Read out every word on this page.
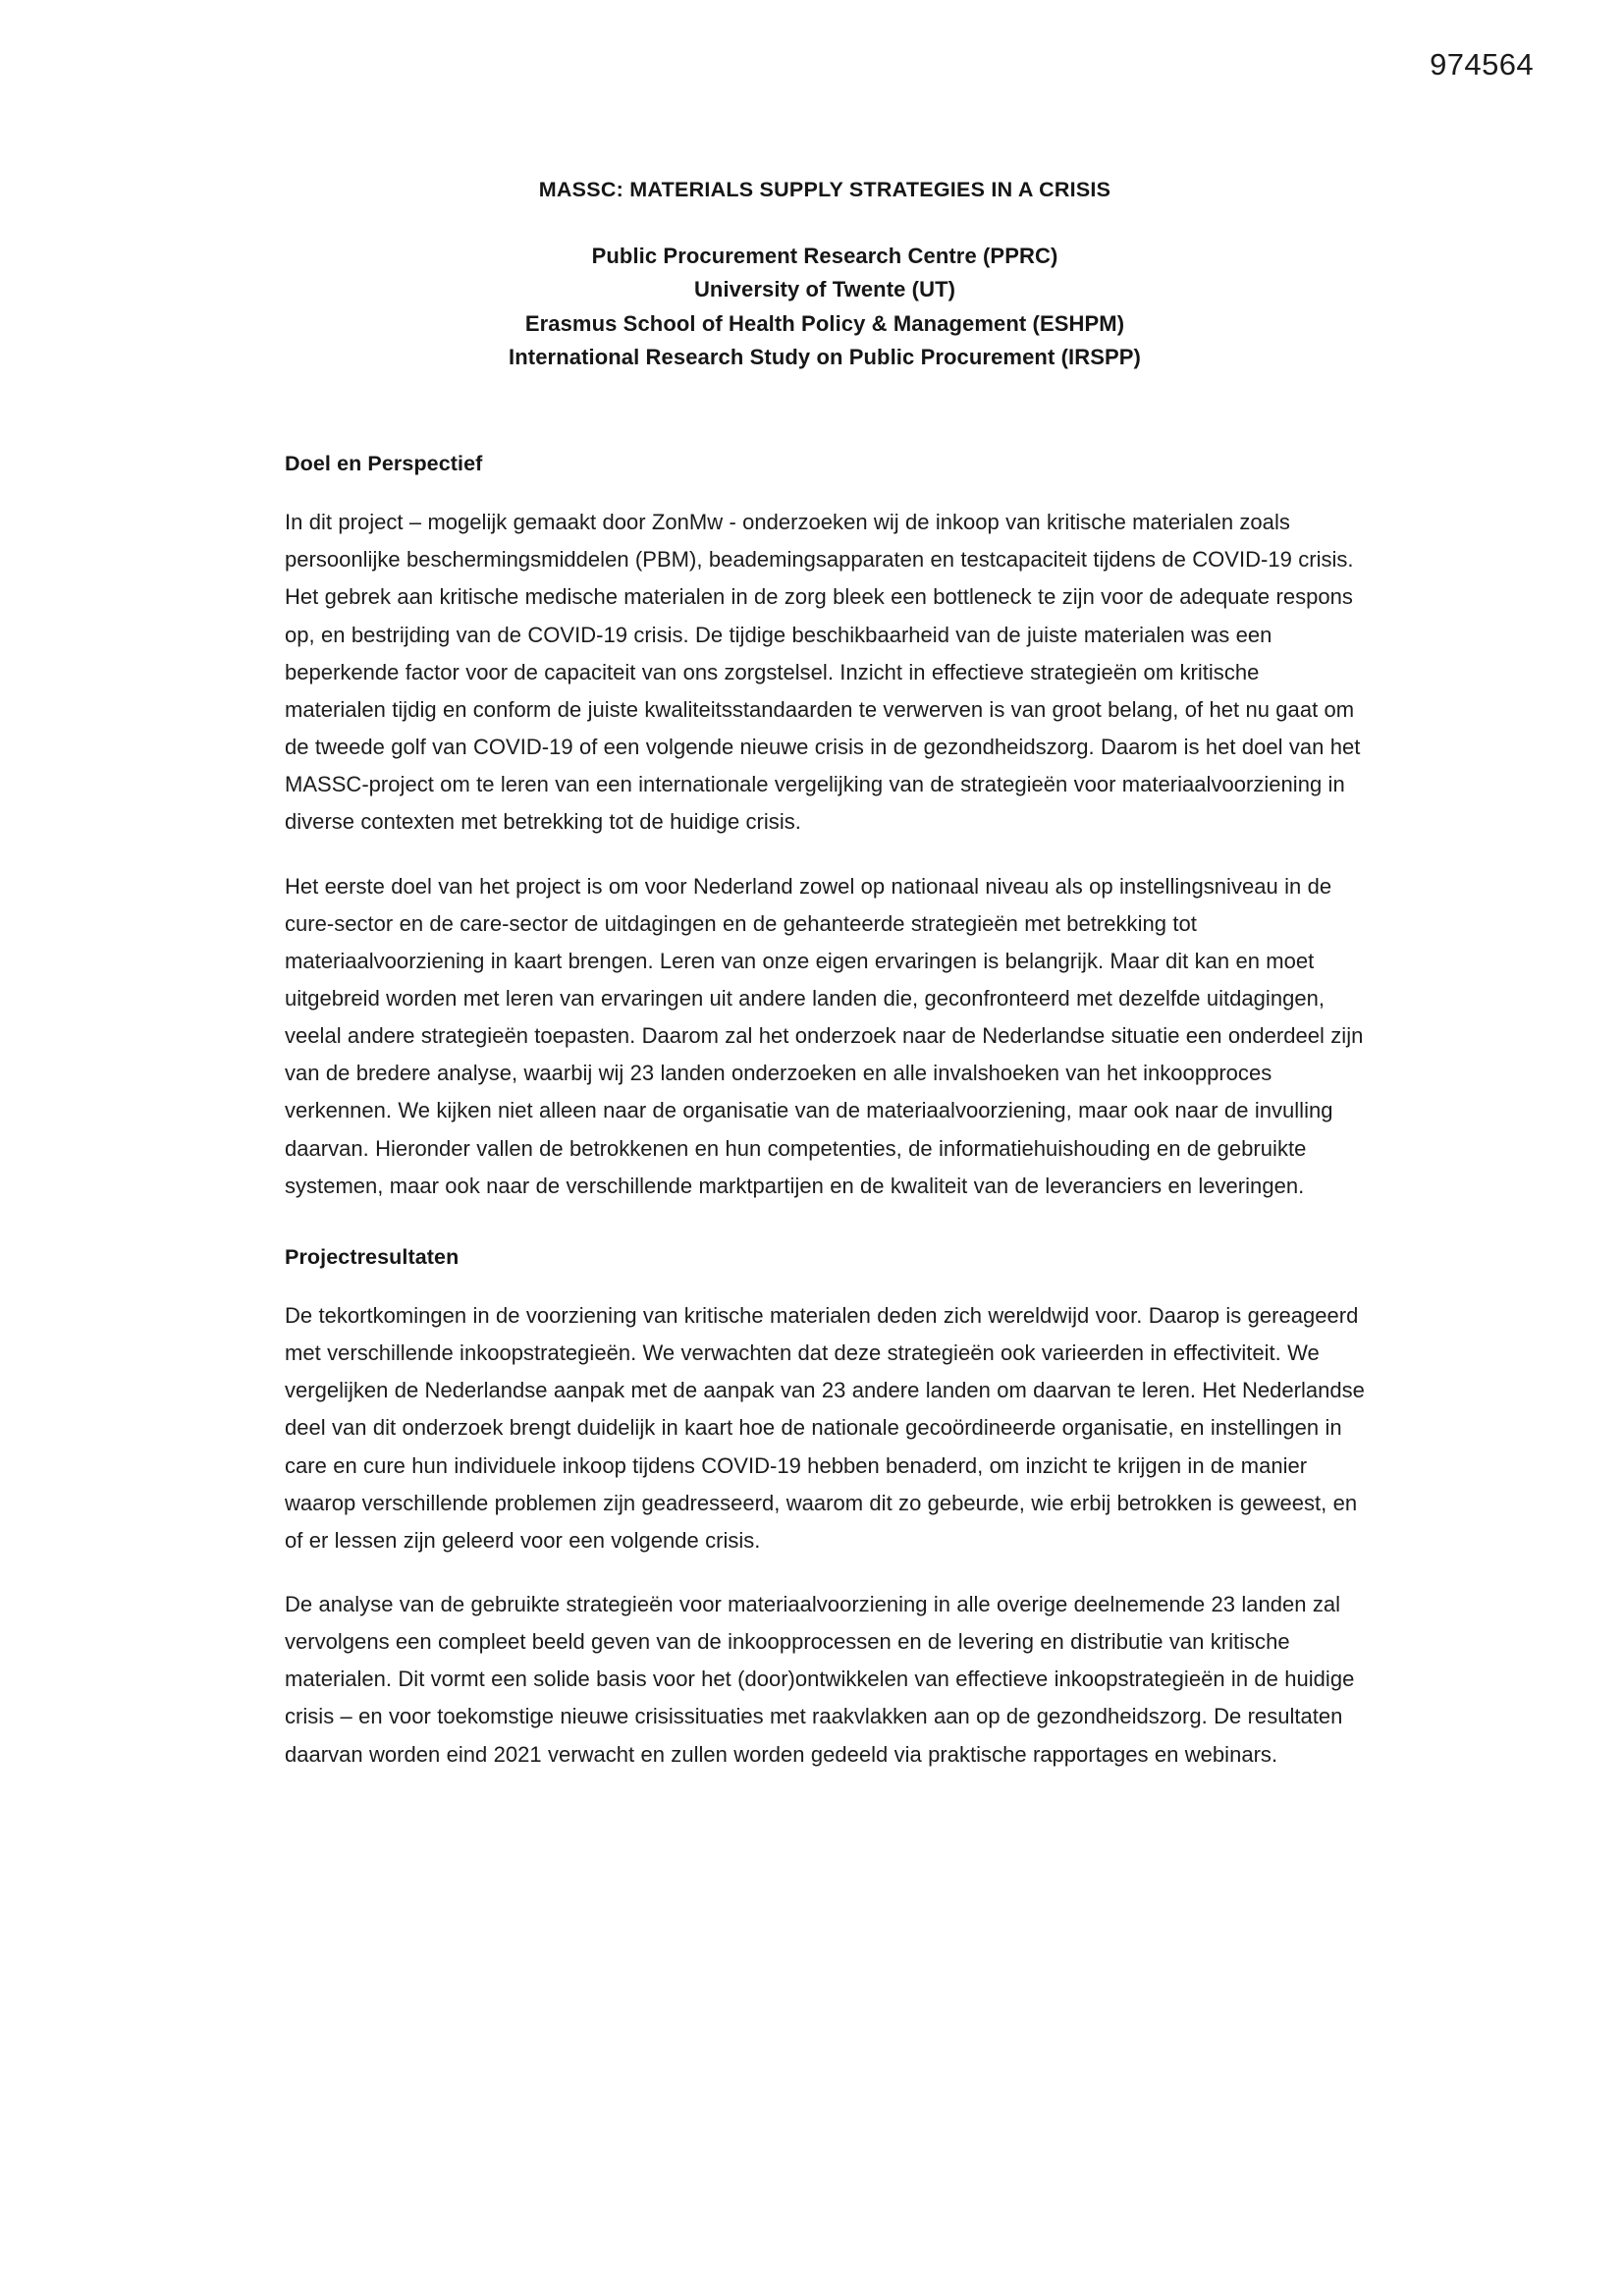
974564
MASSC: MATERIALS SUPPLY STRATEGIES IN A CRISIS
Public Procurement Research Centre (PPRC)
University of Twente (UT)
Erasmus School of Health Policy & Management (ESHPM)
International Research Study on Public Procurement (IRSPP)
Doel en Perspectief

In dit project – mogelijk gemaakt door ZonMw - onderzoeken wij de inkoop van kritische materialen zoals persoonlijke beschermingsmiddelen (PBM), beademingsapparaten en testcapaciteit tijdens de COVID-19 crisis. Het gebrek aan kritische medische materialen in de zorg bleek een bottleneck te zijn voor de adequate respons op, en bestrijding van de COVID-19 crisis. De tijdige beschikbaarheid van de juiste materialen was een beperkende factor voor de capaciteit van ons zorgstelsel. Inzicht in effectieve strategieën om kritische materialen tijdig en conform de juiste kwaliteitsstandaarden te verwerven is van groot belang, of het nu gaat om de tweede golf van COVID-19 of een volgende nieuwe crisis in de gezondheidszorg. Daarom is het doel van het MASSC-project om te leren van een internationale vergelijking van de strategieën voor materiaalvoorziening in diverse contexten met betrekking tot de huidige crisis.

Het eerste doel van het project is om voor Nederland zowel op nationaal niveau als op instellingsniveau in de cure-sector en de care-sector de uitdagingen en de gehanteerde strategieën met betrekking tot materiaalvoorziening in kaart brengen. Leren van onze eigen ervaringen is belangrijk. Maar dit kan en moet uitgebreid worden met leren van ervaringen uit andere landen die, geconfronteerd met dezelfde uitdagingen, veelal andere strategieën toepasten. Daarom zal het onderzoek naar de Nederlandse situatie een onderdeel zijn van de bredere analyse, waarbij wij 23 landen onderzoeken en alle invalshoeken van het inkoopproces verkennen. We kijken niet alleen naar de organisatie van de materiaalvoorziening, maar ook naar de invulling daarvan. Hieronder vallen de betrokkenen en hun competenties, de informatiehuishouding en de gebruikte systemen, maar ook naar de verschillende marktpartijen en de kwaliteit van de leveranciers en leveringen.

Projectresultaten

De tekortkomingen in de voorziening van kritische materialen deden zich wereldwijd voor. Daarop is gereageerd met verschillende inkoopstrategieën. We verwachten dat deze strategieën ook varieerden in effectiviteit. We vergelijken de Nederlandse aanpak met de aanpak van 23 andere landen om daarvan te leren. Het Nederlandse deel van dit onderzoek brengt duidelijk in kaart hoe de nationale gecoördineerde organisatie, en instellingen in care en cure hun individuele inkoop tijdens COVID-19 hebben benaderd, om inzicht te krijgen in de manier waarop verschillende problemen zijn geadresseerd, waarom dit zo gebeurde, wie erbij betrokken is geweest, en of er lessen zijn geleerd voor een volgende crisis.

De analyse van de gebruikte strategieën voor materiaalvoorziening in alle overige deelnemende 23 landen zal vervolgens een compleet beeld geven van de inkoopprocessen en de levering en distributie van kritische materialen. Dit vormt een solide basis voor het (door)ontwikkelen van effectieve inkoopstrategieën in de huidige crisis – en voor toekomstige nieuwe crisissituaties met raakvlakken aan op de gezondheidszorg. De resultaten daarvan worden eind 2021 verwacht en zullen worden gedeeld via praktische rapportages en webinars.
